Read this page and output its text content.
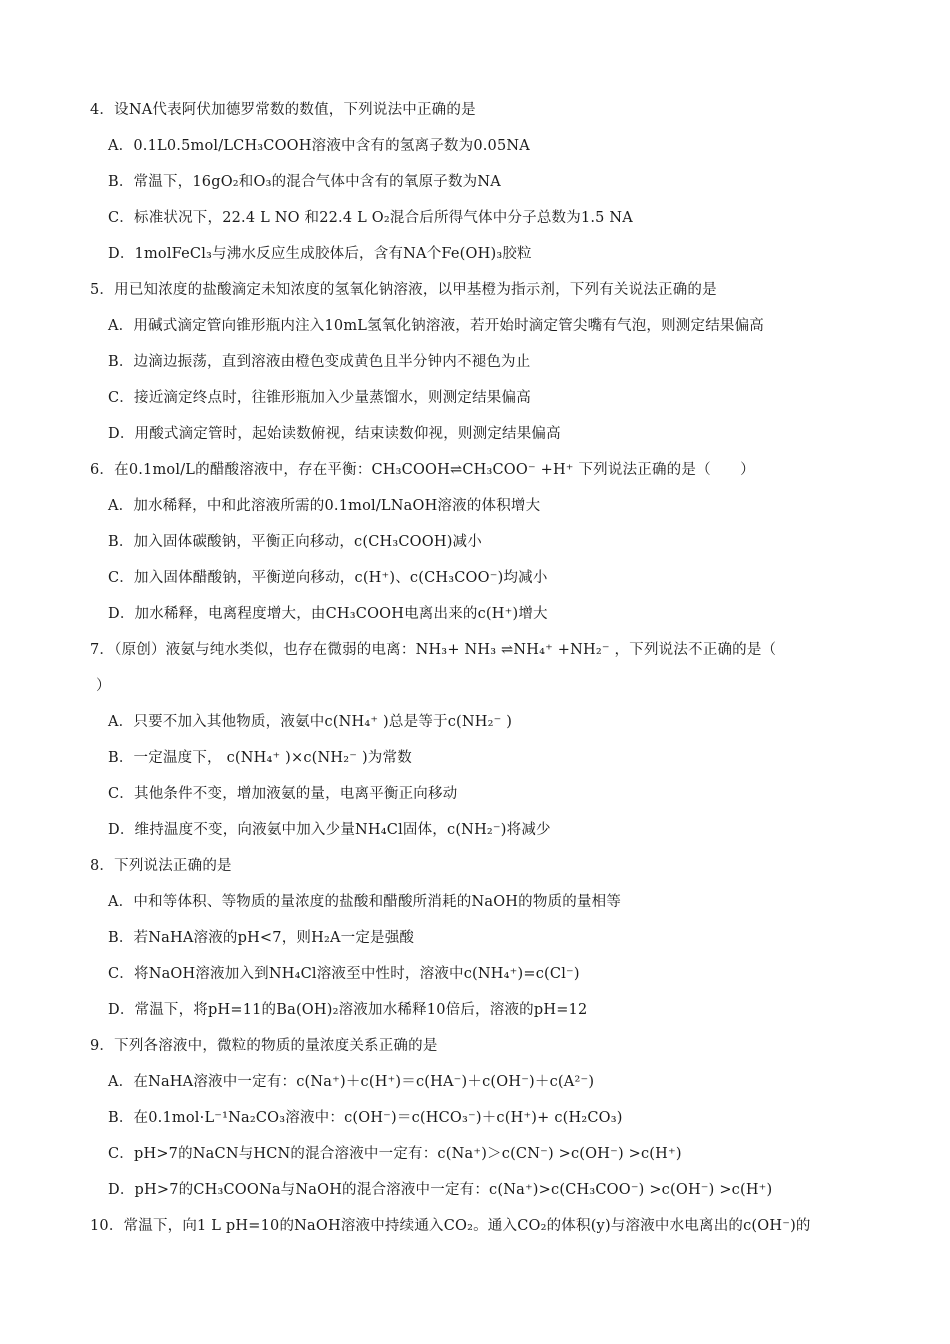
4．设NA代表阿伏加德罗常数的数值，下列说法中正确的是
A．0.1L0.5mol/LCH₃COOH溶液中含有的氢离子数为0.05NA
B．常温下，16gO₂和O₃的混合气体中含有的氧原子数为NA
C．标准状况下，22.4 L NO 和22.4 L O₂混合后所得气体中分子总数为1.5 NA
D．1molFeCl₃与沸水反应生成胶体后，含有NA个Fe(OH)₃胶粒
5．用已知浓度的盐酸滴定未知浓度的氢氧化钠溶液，以甲基橙为指示剂，下列有关说法正确的是
A．用碱式滴定管向锥形瓶内注入10mL氢氧化钠溶液，若开始时滴定管尖嘴有气泡，则测定结果偏高
B．边滴边振荡，直到溶液由橙色变成黄色且半分钟内不褪色为止
C．接近滴定终点时，往锥形瓶加入少量蒸馏水，则测定结果偏高
D．用酸式滴定管时，起始读数俯视，结束读数仰视，则测定结果偏高
6．在0.1mol/L的醋酸溶液中，存在平衡：CH₃COOH⇌CH₃COO⁻ +H⁺ 下列说法正确的是（　　）
A．加水稀释，中和此溶液所需的0.1mol/LNaOH溶液的体积增大
B．加入固体碳酸钠，平衡正向移动，c(CH₃COOH)减小
C．加入固体醋酸钠，平衡逆向移动，c(H⁺)、c(CH₃COO⁻)均减小
D．加水稀释，电离程度增大，由CH₃COOH电离出来的c(H⁺)增大
7．（原创）液氨与纯水类似，也存在微弱的电离：NH₃+ NH₃ ⇌NH₄⁺ +NH₂⁻ ，下列说法不正确的是（
）
A．只要不加入其他物质，液氨中c(NH₄⁺ )总是等于c(NH₂⁻ )
B．一定温度下， c(NH₄⁺ )×c(NH₂⁻ )为常数
C．其他条件不变，增加液氨的量，电离平衡正向移动
D．维持温度不变，向液氨中加入少量NH₄Cl固体，c(NH₂⁻)将减少
8．下列说法正确的是
A．中和等体积、等物质的量浓度的盐酸和醋酸所消耗的NaOH的物质的量相等
B．若NaHA溶液的pH<7，则H₂A一定是强酸
C．将NaOH溶液加入到NH₄Cl溶液至中性时，溶液中c(NH₄⁺)=c(Cl⁻)
D．常温下，将pH=11的Ba(OH)₂溶液加水稀释10倍后，溶液的pH=12
9．下列各溶液中，微粒的物质的量浓度关系正确的是
A．在NaHA溶液中一定有：c(Na⁺)＋c(H⁺)＝c(HA⁻)＋c(OH⁻)＋c(A²⁻)
B．在0.1mol·L⁻¹Na₂CO₃溶液中：c(OH⁻)＝c(HCO₃⁻)＋c(H⁺)+ c(H₂CO₃)
C．pH>7的NaCN与HCN的混合溶液中一定有：c(Na⁺)＞c(CN⁻) >c(OH⁻) >c(H⁺)
D．pH>7的CH₃COONa与NaOH的混合溶液中一定有：c(Na⁺)>c(CH₃COO⁻) >c(OH⁻) >c(H⁺)
10．常温下，向1 L pH=10的NaOH溶液中持续通入CO₂。通入CO₂的体积(y)与溶液中水电离出的c(OH⁻)的
